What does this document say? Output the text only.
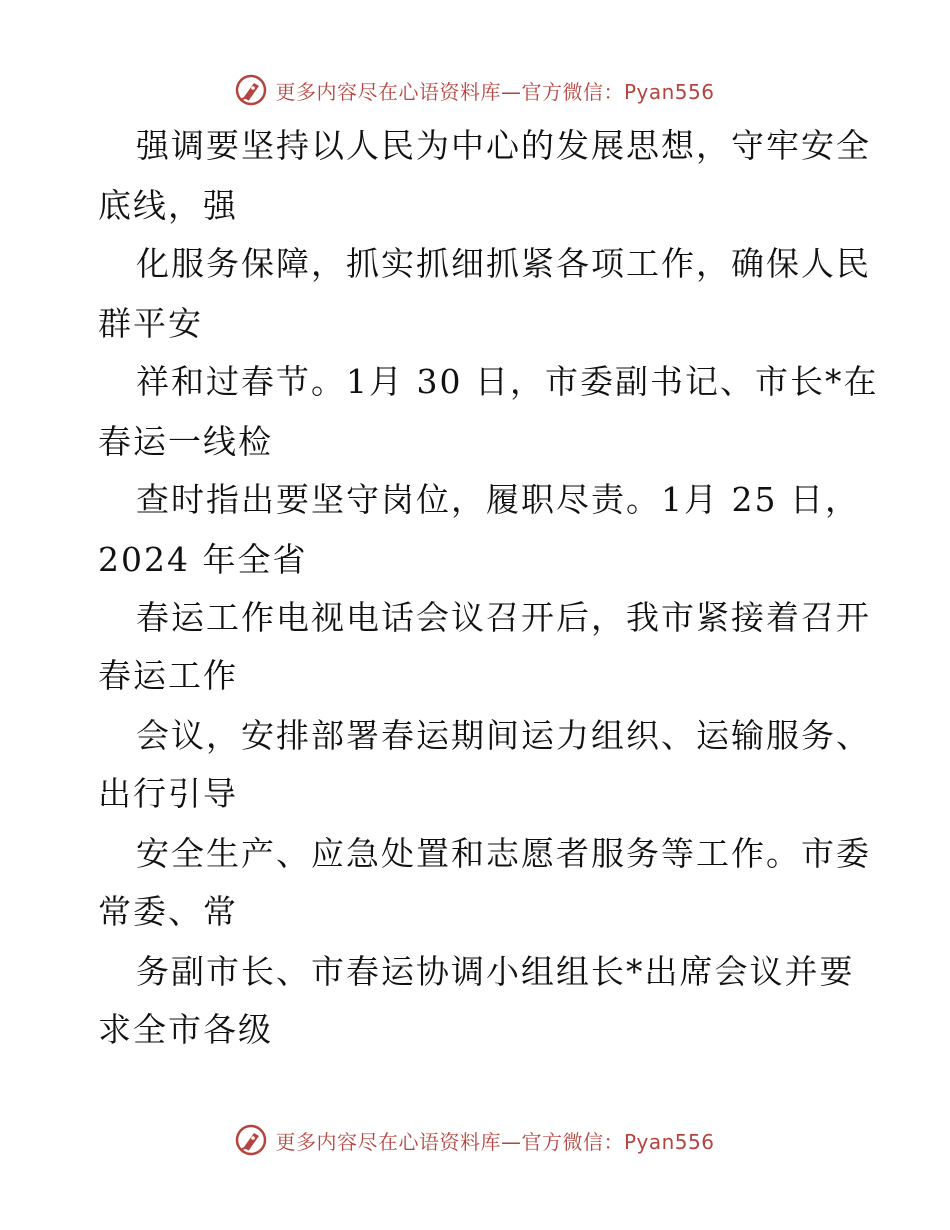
更多内容尽在心语资料库—官方微信：Pyan556
强调要坚持以人民为中心的发展思想，守牢安全
底线，强
化服务保障，抓实抓细抓紧各项工作，确保人民
群平安
祥和过春节。1月 30 日，市委副书记、市长*在
春运一线检
查时指出要坚守岗位，履职尽责。1月 25 日，
2024 年全省
春运工作电视电话会议召开后，我市紧接着召开
春运工作
会议，安排部署春运期间运力组织、运输服务、
出行引导
安全生产、应急处置和志愿者服务等工作。市委
常委、常
务副市长、市春运协调小组组长*出席会议并要
求全市各级
更多内容尽在心语资料库—官方微信：Pyan556
